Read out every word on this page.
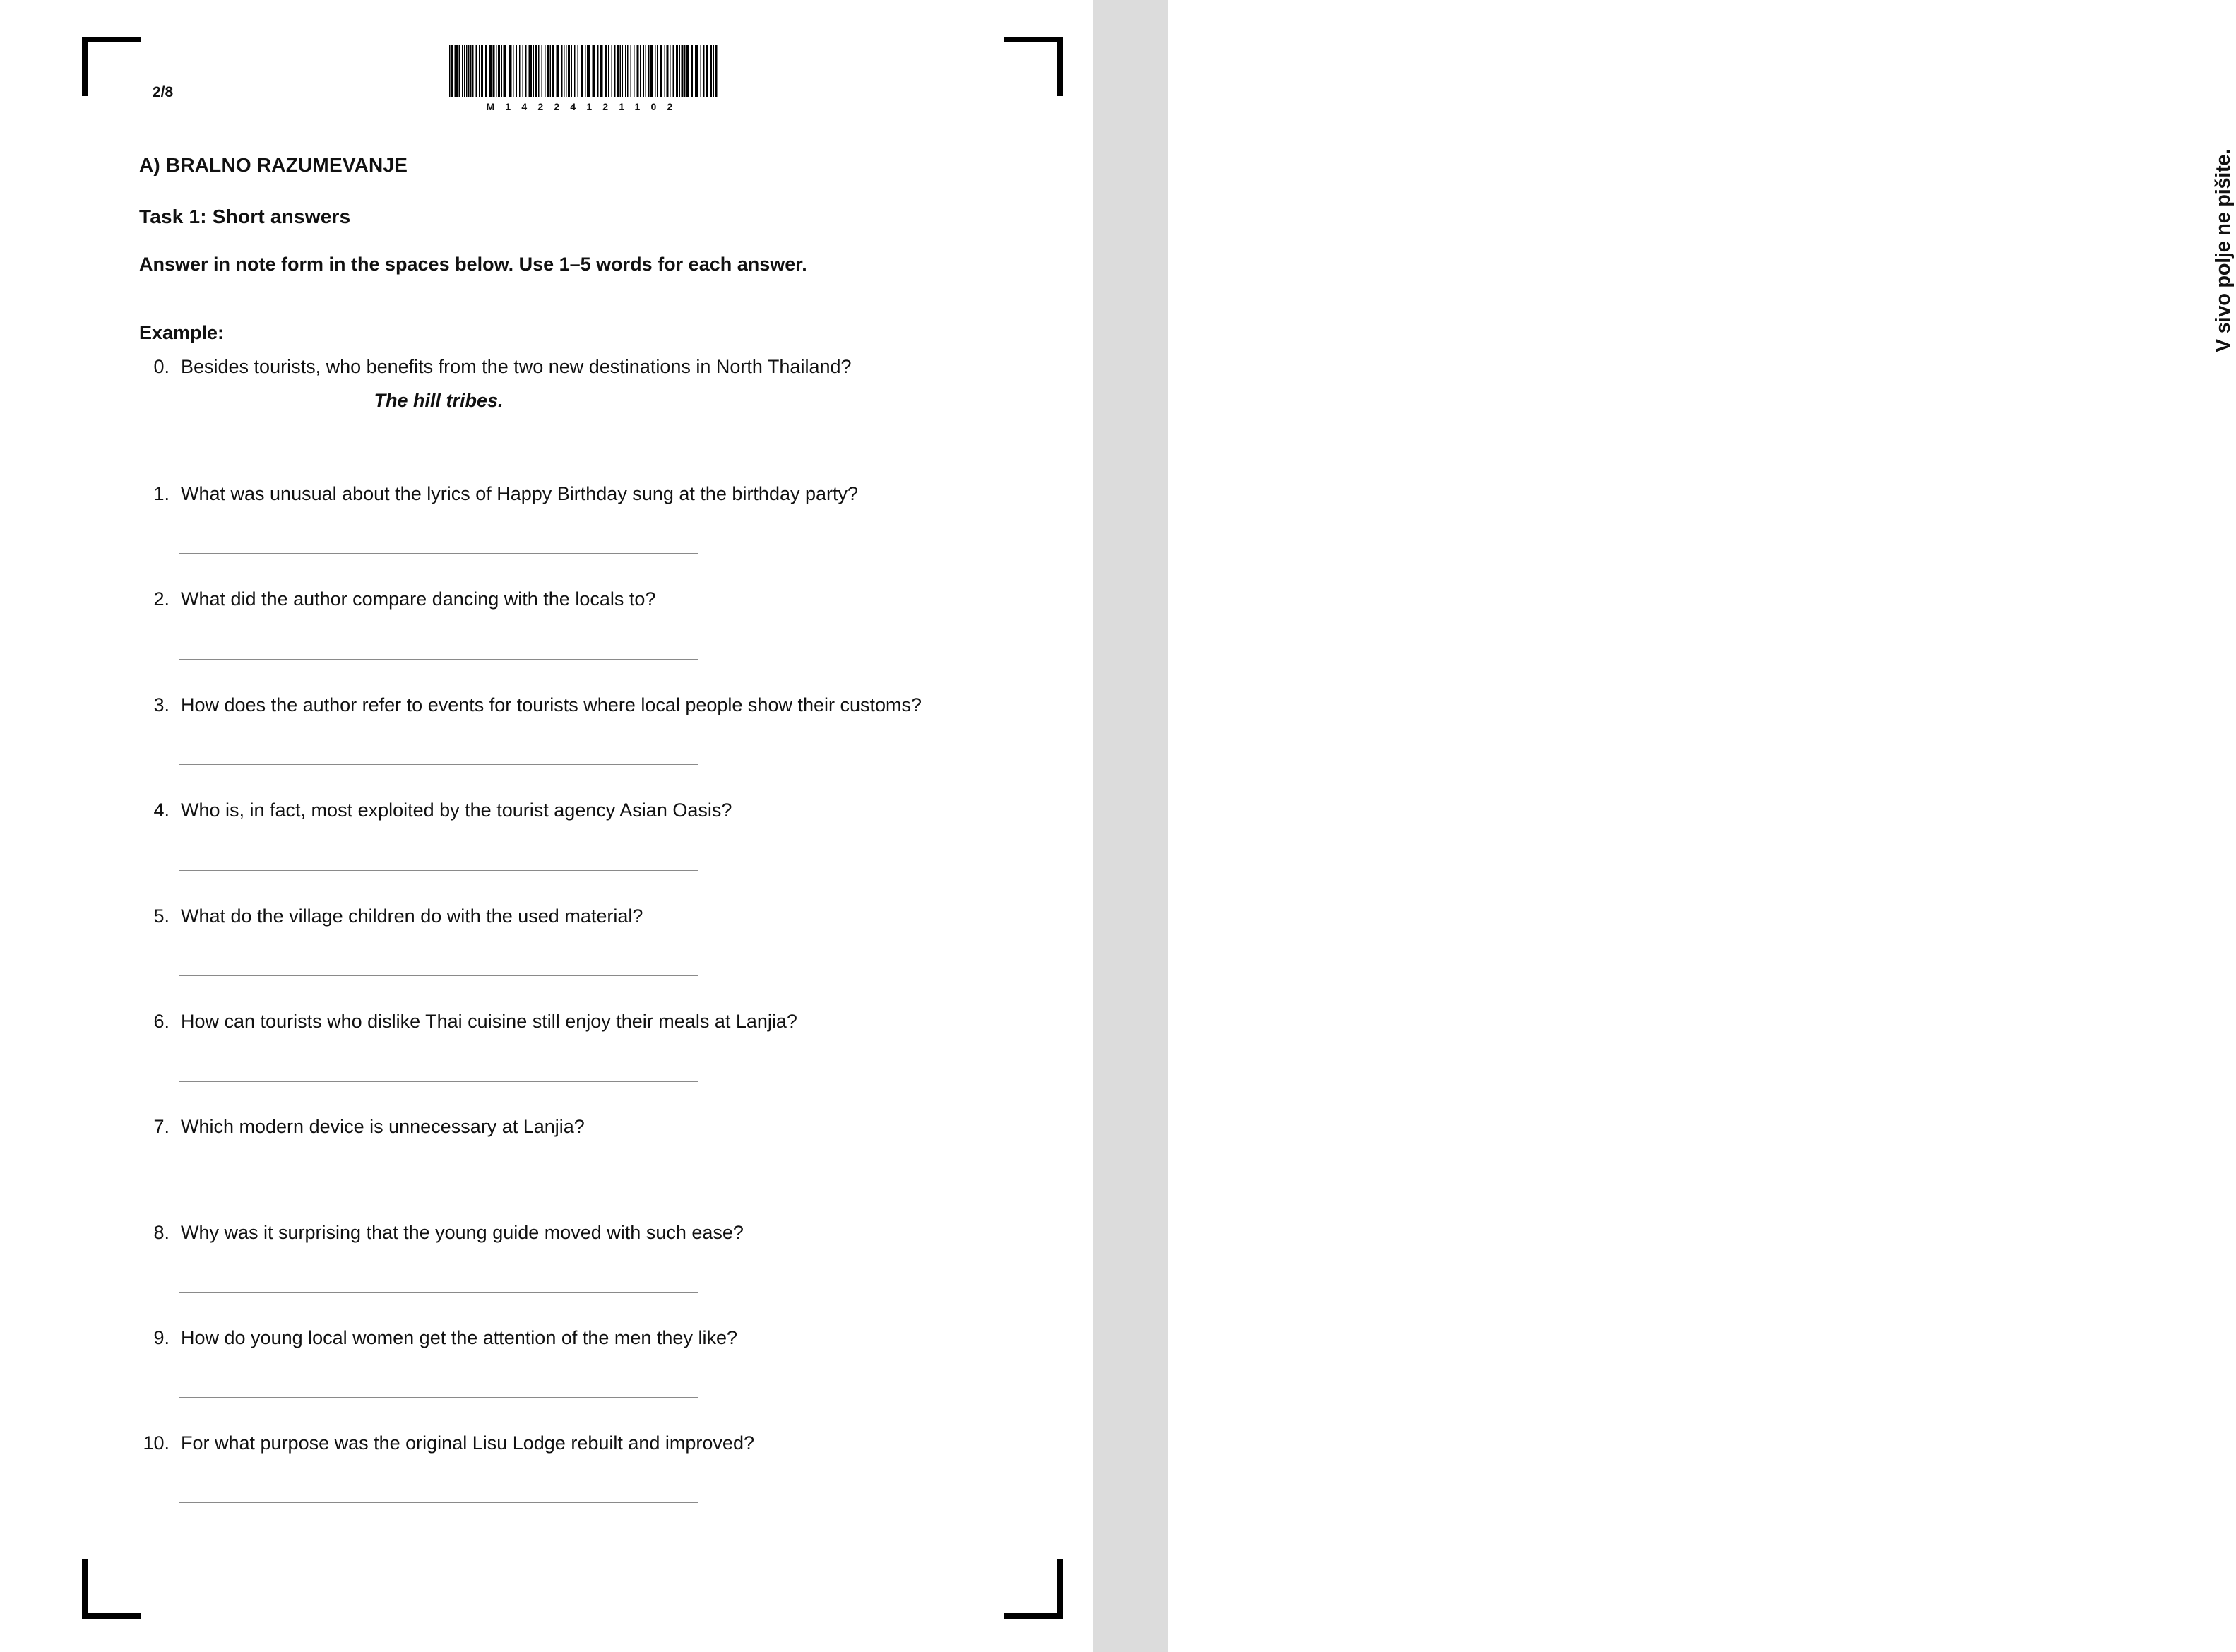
V sivo polje ne pišite.
2/8
M14224121102
A) BRALNO RAZUMEVANJE
Task 1: Short answers
Answer in note form in the spaces below. Use 1–5 words for each answer.
Example:
0. Besides tourists, who benefits from the two new destinations in North Thailand?
The hill tribes.
1. What was unusual about the lyrics of Happy Birthday sung at the birthday party?
2. What did the author compare dancing with the locals to?
3. How does the author refer to events for tourists where local people show their customs?
4. Who is, in fact, most exploited by the tourist agency Asian Oasis?
5. What do the village children do with the used material?
6. How can tourists who dislike Thai cuisine still enjoy their meals at Lanjia?
7. Which modern device is unnecessary at Lanjia?
8. Why was it surprising that the young guide moved with such ease?
9. How do young local women get the attention of the men they like?
10. For what purpose was the original Lisu Lodge rebuilt and improved?
